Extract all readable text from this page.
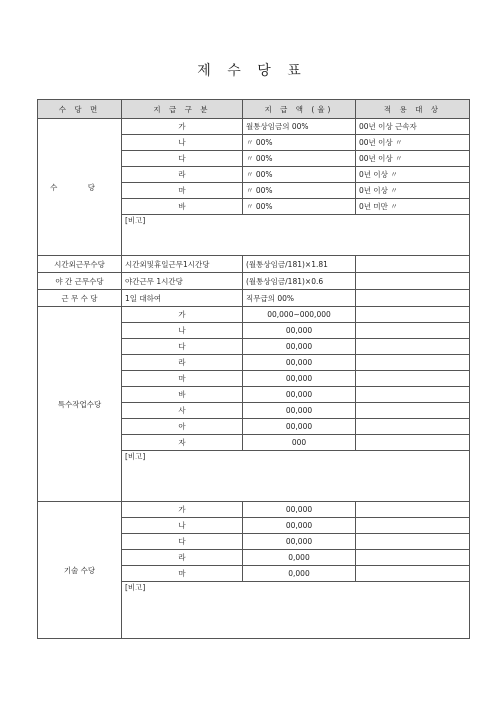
제 수 당 표
수 당 면	지 급 구 분	지 급 액 (율)	적 용 대 상
수 당	가	월통상임금의 00%	00년 이상 근속자
	나	〃 00%	00년 이상 〃
	다	〃 00%	00년 이상 〃
	라	〃 00%	0년 이상 〃
	마	〃 00%	0년 이상 〃
	바	〃 00%	0년 미만 〃
	[비고]		
시간외근무수당	시간외및휴일근무1시간당	(월통상임금/181)×1.81	
야 간 근무수당	야간근무 1시간당	(월통상임금/181)×0.6	
근 무 수 당	1일 대하여	직무급의 00%	
특수작업수당	가	00,000~000,000	
	나	00,000	
	다	00,000	
	라	00,000	
	마	00,000	
	바	00,000	
	사	00,000	
	아	00,000	
	자	000	
	[비고]		
기술 수당	가	00,000	
	나	00,000	
	다	00,000	
	라	0,000	
	마	0,000	
	[비고]		
